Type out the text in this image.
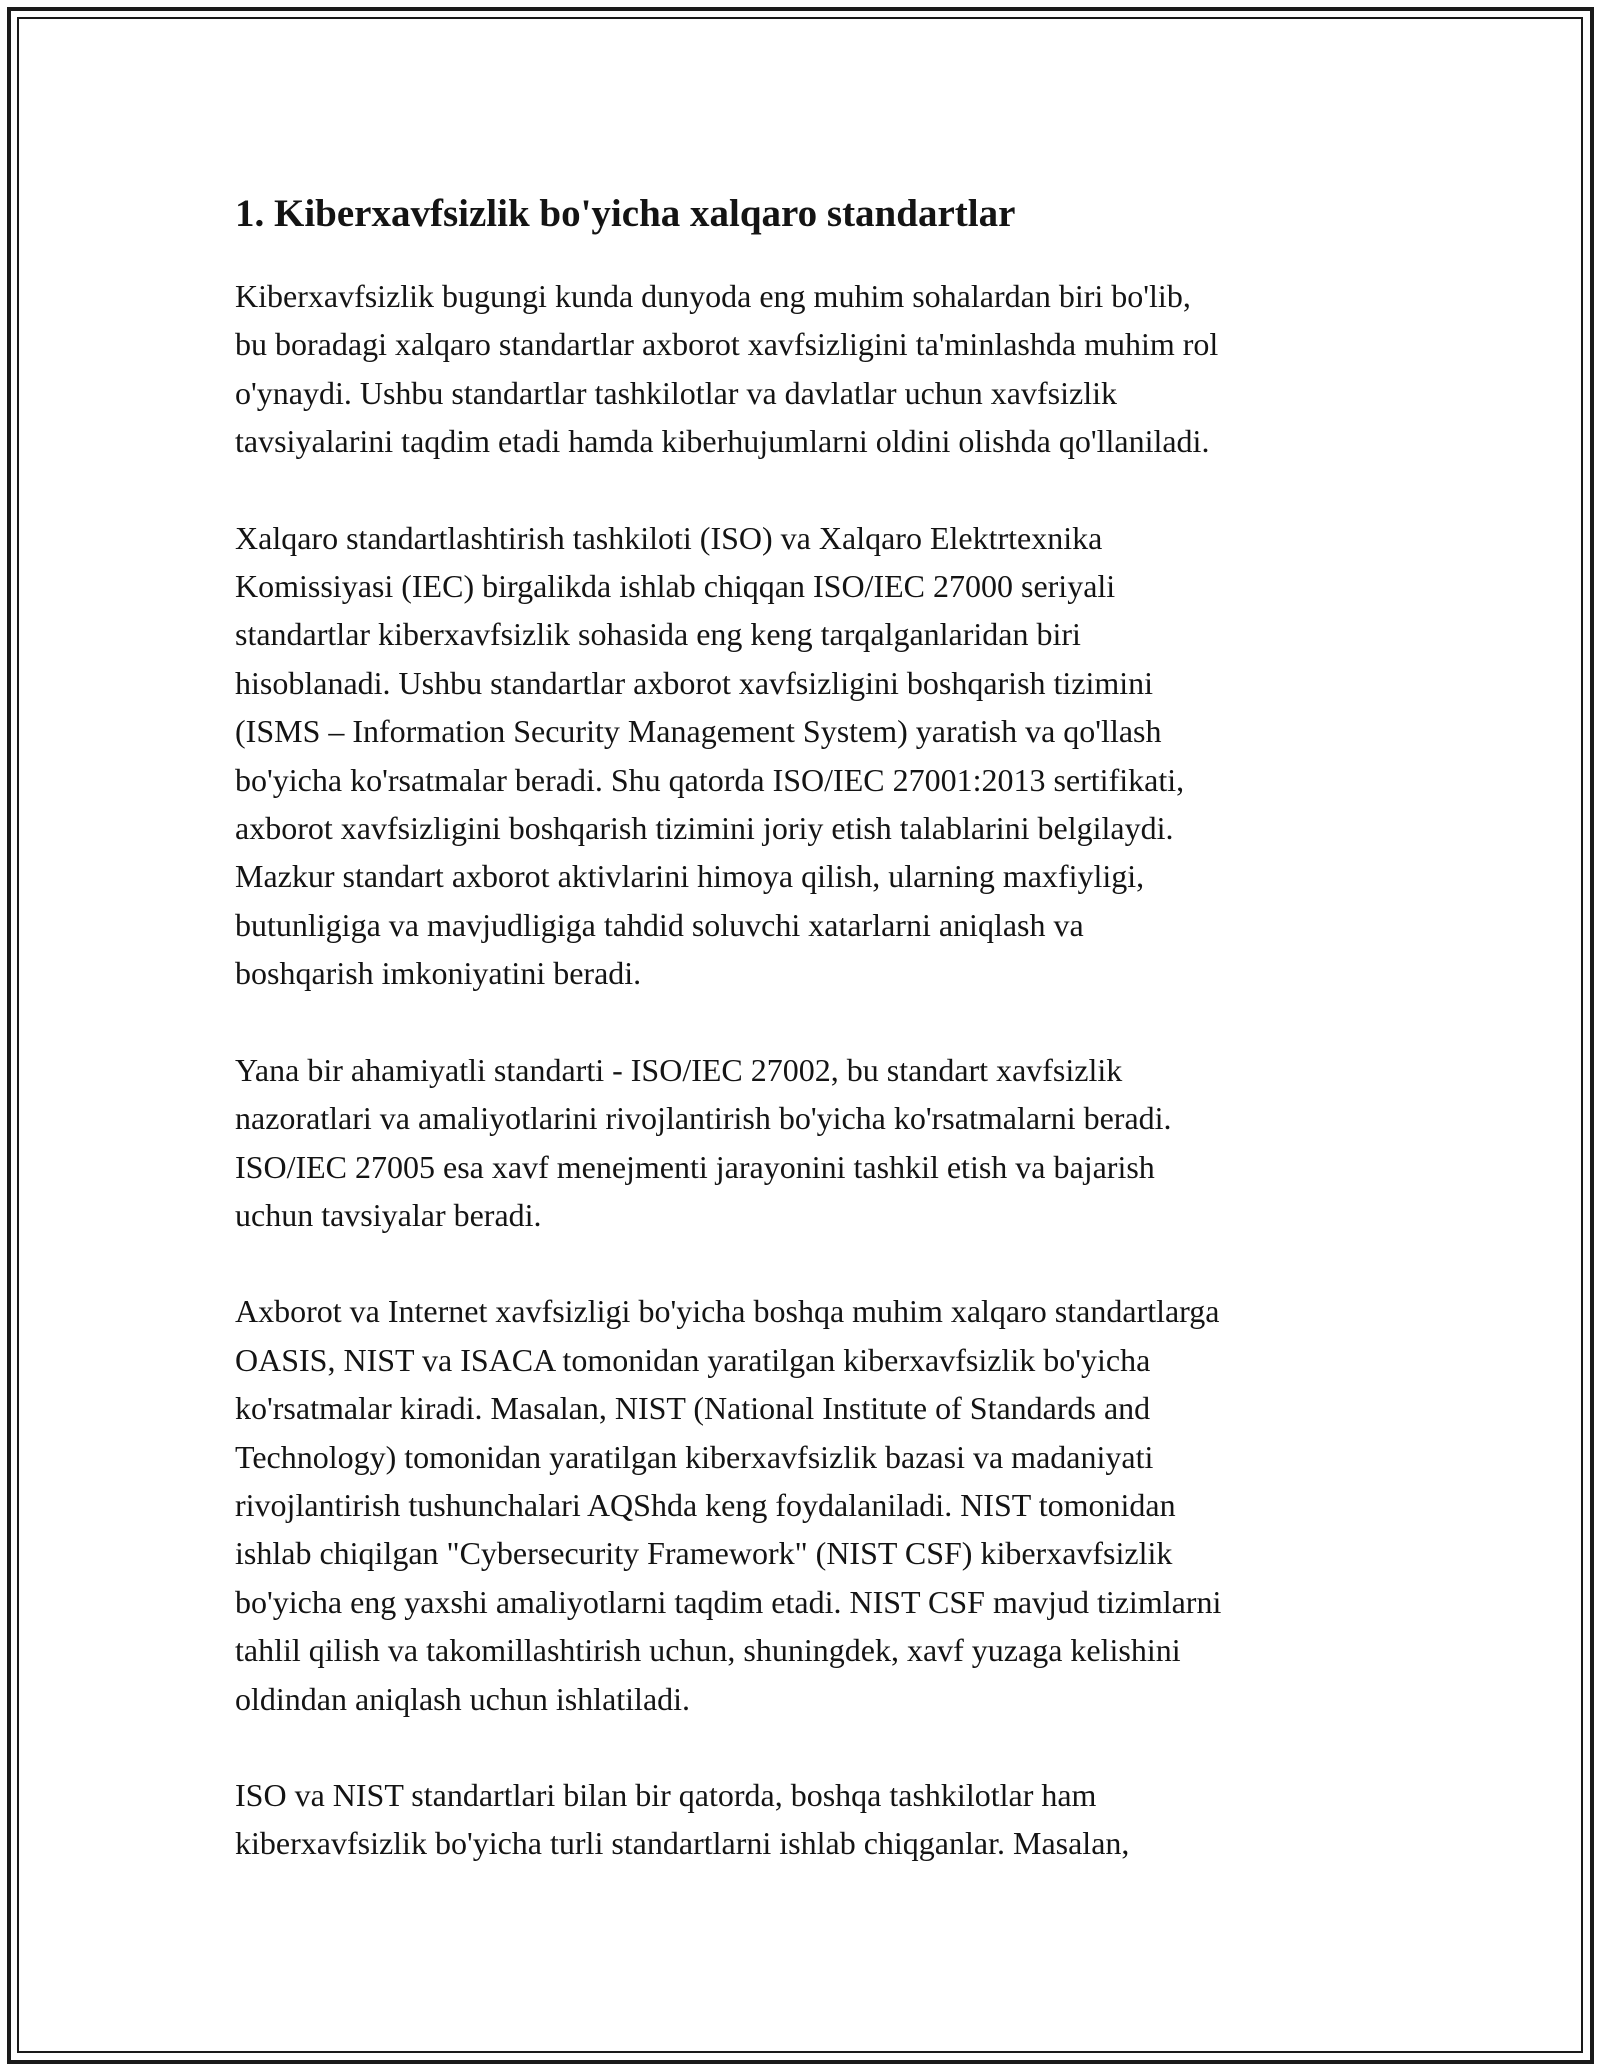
1. Kiberxavfsizlik bo'yicha xalqaro standartlar

Kiberxavfsizlik bugungi kunda dunyoda eng muhim sohalardan biri bo'lib,
bu boradagi xalqaro standartlar axborot xavfsizligini ta'minlashda muhim rol
o'ynaydi. Ushbu standartlar tashkilotlar va davlatlar uchun xavfsizlik
tavsiyalarini taqdim etadi hamda kiberhujumlarni oldini olishda qo'llaniladi.

Xalqaro standartlashtirish tashkiloti (ISO) va Xalqaro Elektrtexnika
Komissiyasi (IEC) birgalikda ishlab chiqqan ISO/IEC 27000 seriyali
standartlar kiberxavfsizlik sohasida eng keng tarqalganlaridan biri
hisoblanadi. Ushbu standartlar axborot xavfsizligini boshqarish tizimini
(ISMS – Information Security Management System) yaratish va qo'llash
bo'yicha ko'rsatmalar beradi. Shu qatorda ISO/IEC 27001:2013 sertifikati,
axborot xavfsizligini boshqarish tizimini joriy etish talablarini belgilaydi.
Mazkur standart axborot aktivlarini himoya qilish, ularning maxfiyligi,
butunligiga va mavjudligiga tahdid soluvchi xatarlarni aniqlash va
boshqarish imkoniyatini beradi.

Yana bir ahamiyatli standarti - ISO/IEC 27002, bu standart xavfsizlik
nazoratlari va amaliyotlarini rivojlantirish bo'yicha ko'rsatmalarni beradi.
ISO/IEC 27005 esa xavf menejmenti jarayonini tashkil etish va bajarish
uchun tavsiyalar beradi.

Axborot va Internet xavfsizligi bo'yicha boshqa muhim xalqaro standartlarga
OASIS, NIST va ISACA tomonidan yaratilgan kiberxavfsizlik bo'yicha
ko'rsatmalar kiradi. Masalan, NIST (National Institute of Standards and
Technology) tomonidan yaratilgan kiberxavfsizlik bazasi va madaniyati
rivojlantirish tushunchalari AQShda keng foydalaniladi. NIST tomonidan
ishlab chiqilgan "Cybersecurity Framework" (NIST CSF) kiberxavfsizlik
bo'yicha eng yaxshi amaliyotlarni taqdim etadi. NIST CSF mavjud tizimlarni
tahlil qilish va takomillashtirish uchun, shuningdek, xavf yuzaga kelishini
oldindan aniqlash uchun ishlatiladi.

ISO va NIST standartlari bilan bir qatorda, boshqa tashkilotlar ham
kiberxavfsizlik bo'yicha turli standartlarni ishlab chiqganlar. Masalan,
